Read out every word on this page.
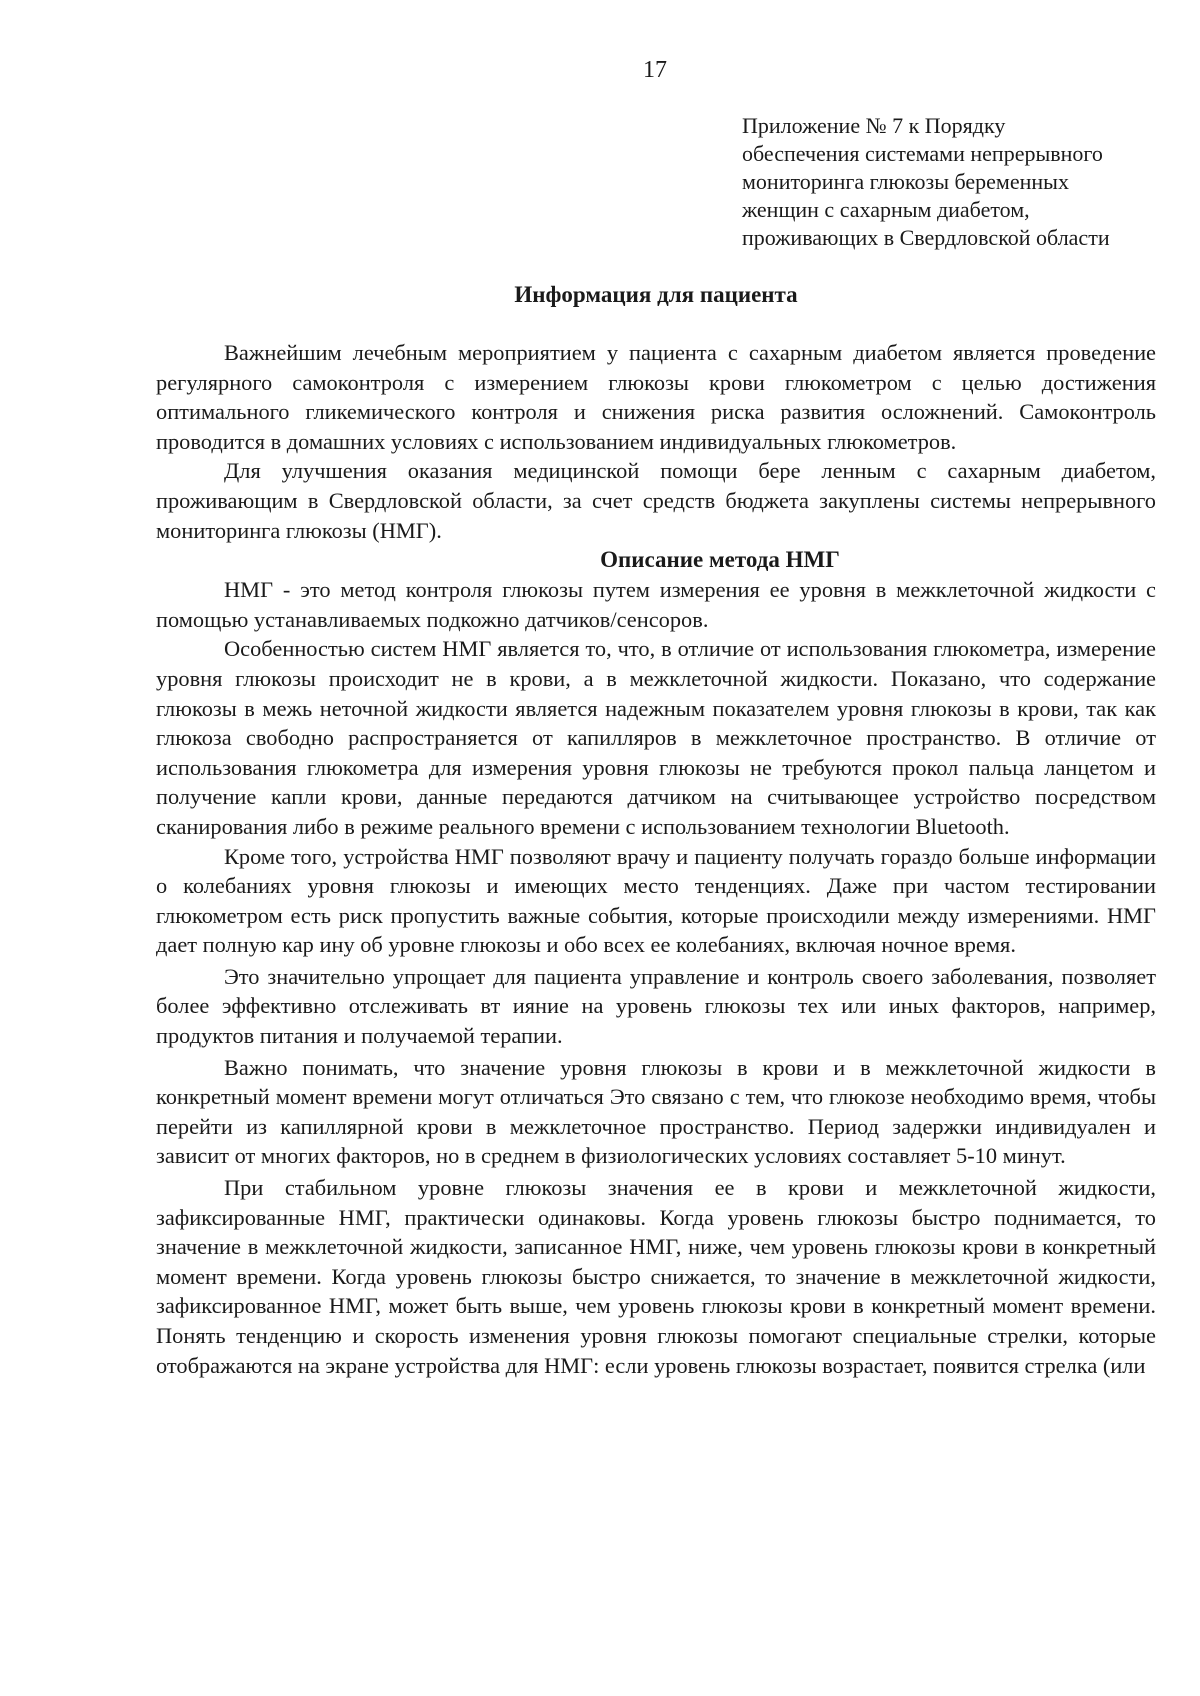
17
Приложение № 7 к Порядку
обеспечения системами непрерывного
мониторинга глюкозы беременных
женщин с сахарным диабетом,
проживающих в Свердловской области
Информация для пациента

Важнейшим лечебным мероприятием у пациента с сахарным диабетом является проведение регулярного самоконтроля с измерением глюкозы крови глюкометром с целью достижения оптимального гликемического контроля и снижения риска развития осложнений. Самоконтроль проводится в домашних условиях с использованием индивидуальных глюкометров.

Для улучшения оказания медицинской помощи бере ленным с сахарным диабетом, проживающим в Свердловской области, за счет средств бюджета закуплены системы непрерывного мониторинга глюкозы (НМГ).

Описание метода НМГ

НМГ - это метод контроля глюкозы путем измерения ее уровня в межклеточной жидкости с помощью устанавливаемых подкожно датчиков/сенсоров.

Особенностью систем НМГ является то, что, в отличие от использования глюкометра, измерение уровня глюкозы происходит не в крови, а в межклеточной жидкости. Показано, что содержание глюкозы в межь неточной жидкости является надежным показателем уровня глюкозы в крови, так как глюкоза свободно распространяется от капилляров в межклеточное пространство. В отличие от использования глюкометра для измерения уровня глюкозы не требуются прокол пальца ланцетом и получение капли крови, данные передаются датчиком на считывающее устройство посредством сканирования либо в режиме реального времени с использованием технологии Bluetooth.

Кроме того, устройства НМГ позволяют врачу и пациенту получать гораздо больше информации о колебаниях уровня глюкозы и имеющих место тенденциях. Даже при частом тестировании глюкометром есть риск пропустить важные события, которые происходили между измерениями. НМГ дает полную кар ину об уровне глюкозы и обо всех ее колебаниях, включая ночное время.

Это значительно упрощает для пациента управление и контроль своего заболевания, позволяет более эффективно отслеживать вт ияние на уровень глюкозы тех или иных факторов, например, продуктов питания и получаемой терапии.

Важно понимать, что значение уровня глюкозы в крови и в межклеточной жидкости в конкретный момент времени могут отличаться Это связано с тем, что глюкозе необходимо время, чтобы перейти из капиллярной крови в межклеточное пространство. Период задержки индивидуален и зависит от многих факторов, но в среднем в физиологических условиях составляет 5-10 минут.

При стабильном уровне глюкозы значения ее в крови и межклеточной жидкости, зафиксированные НМГ, практически одинаковы. Когда уровень глюкозы быстро поднимается, то значение в межклеточной жидкости, записанное НМГ, ниже, чем уровень глюкозы крови в конкретный момент времени. Когда уровень глюкозы быстро снижается, то значение в межклеточной жидкости, зафиксированное НМГ, может быть выше, чем уровень глюкозы крови в конкретный момент времени. Понять тенденцию и скорость изменения уровня глюкозы помогают специальные стрелки, которые отображаются на экране устройства для НМГ: если уровень глюкозы возрастает, появится стрелка (или
